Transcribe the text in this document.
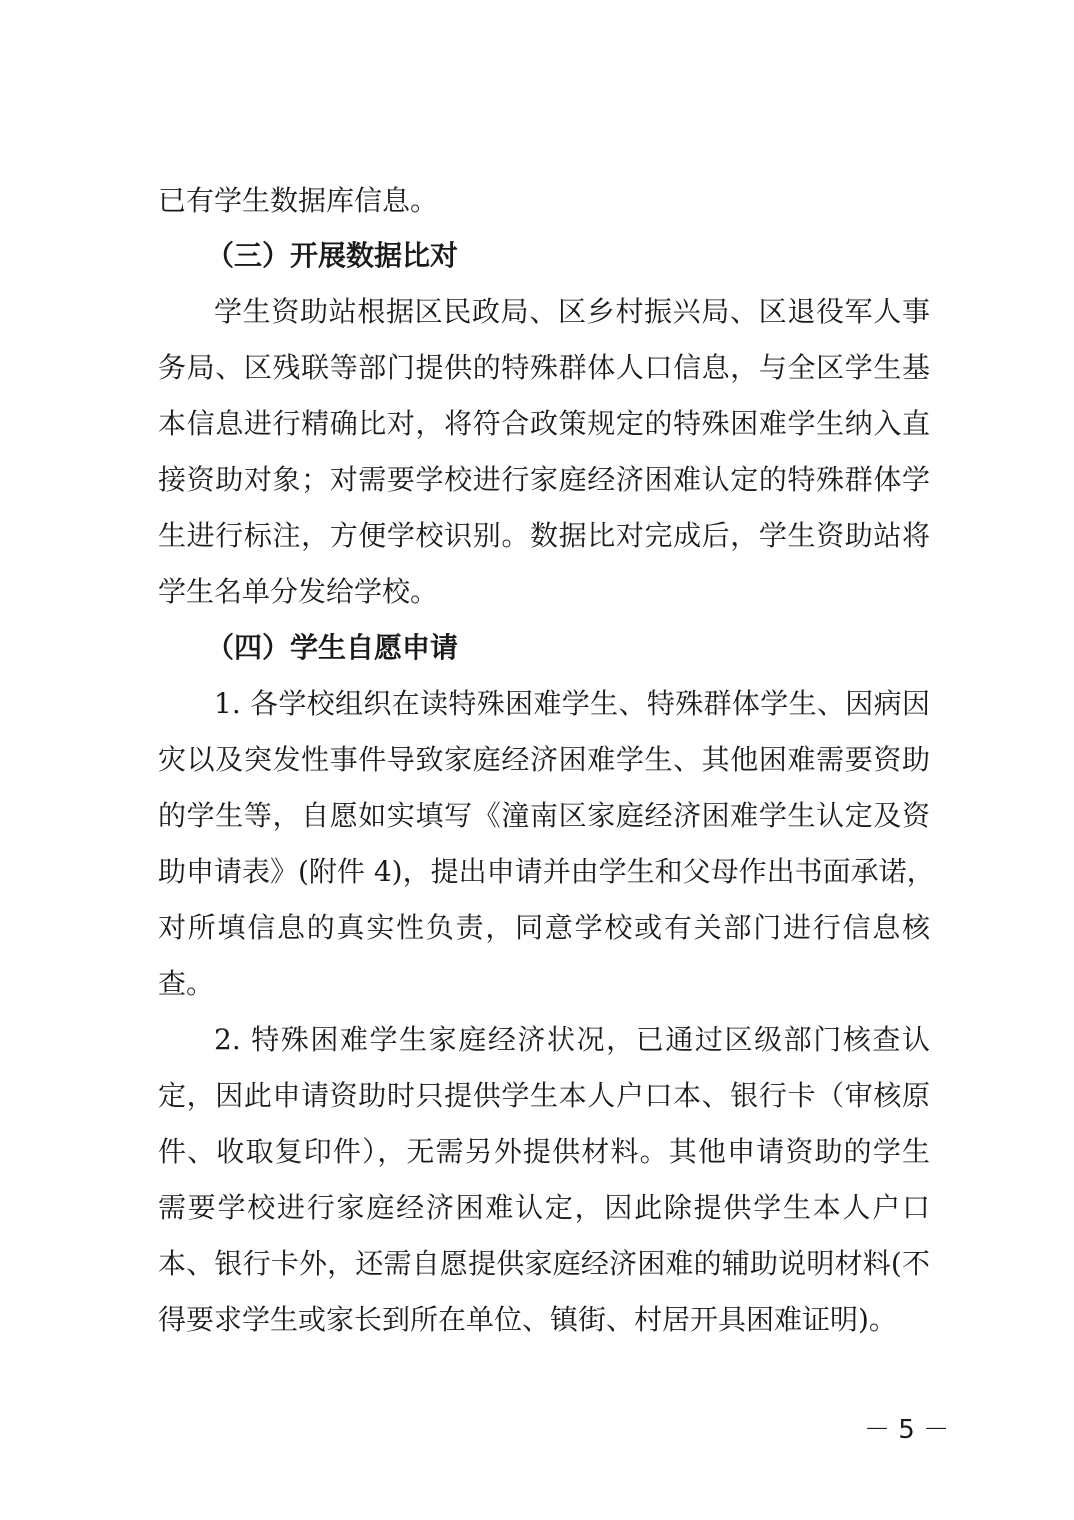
已有学生数据库信息。
（三）开展数据比对
学生资助站根据区民政局、区乡村振兴局、区退役军人事
务局、区残联等部门提供的特殊群体人口信息，与全区学生基
本信息进行精确比对，将符合政策规定的特殊困难学生纳入直
接资助对象；对需要学校进行家庭经济困难认定的特殊群体学
生进行标注，方便学校识别。数据比对完成后，学生资助站将
学生名单分发给学校。
（四）学生自愿申请
1. 各学校组织在读特殊困难学生、特殊群体学生、因病因
灾以及突发性事件导致家庭经济困难学生、其他困难需要资助
的学生等，自愿如实填写《潼南区家庭经济困难学生认定及资
助申请表》(附件 4)，提出申请并由学生和父母作出书面承诺，
对所填信息的真实性负责，同意学校或有关部门进行信息核
查。
2. 特殊困难学生家庭经济状况，已通过区级部门核查认
定，因此申请资助时只提供学生本人户口本、银行卡（审核原
件、收取复印件），无需另外提供材料。其他申请资助的学生
需要学校进行家庭经济困难认定，因此除提供学生本人户口
本、银行卡外，还需自愿提供家庭经济困难的辅助说明材料(不
得要求学生或家长到所在单位、镇街、村居开具困难证明)。
－ 5 －
